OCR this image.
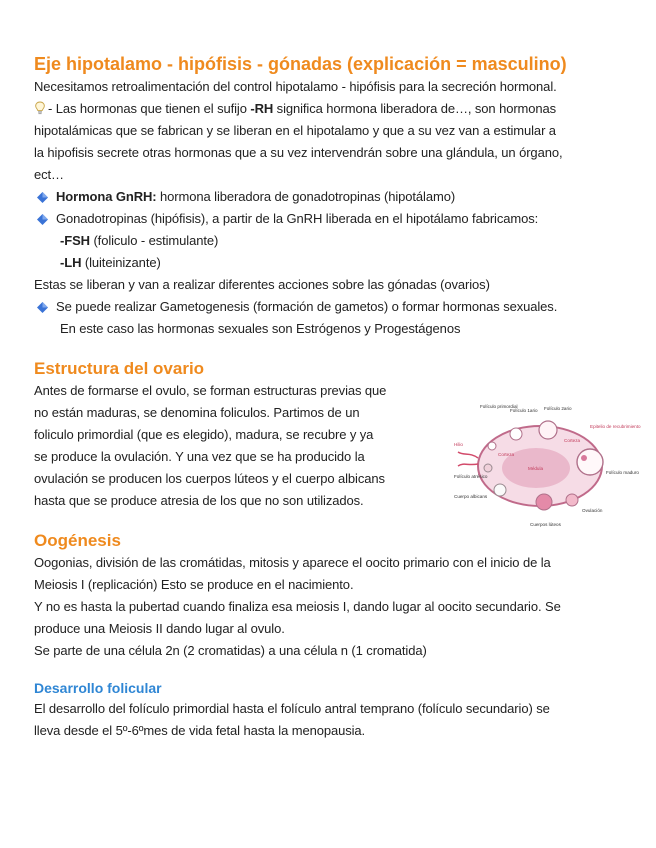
Eje hipotalamo - hipófisis - gónadas (explicación = masculino)

Necesitamos retroalimentación del control hipotalamo - hipófisis para la secreción hormonal.

- Las hormonas que tienen el sufijo -RH significa hormona liberadora de…, son hormonas

hipotalámicas que se fabrican y se liberan en el hipotalamo y que a su vez van a estimular a

la hipofisis secrete otras hormonas que a su vez intervendrán sobre una glándula, un órgano,

ect…

Hormona GnRH: hormona liberadora de gonadotropinas (hipotálamo)

Gonadotropinas (hipófisis), a partir de la GnRH liberada en el hipotálamo fabricamos:

-FSH (foliculo - estimulante)

-LH (luiteinizante)

Estas se liberan y van a realizar diferentes acciones sobre las gónadas (ovarios)

Se puede realizar Gametogenesis (formación de gametos) o formar hormonas sexuales.

En este caso las hormonas sexuales son Estrógenos y Progestágenos

Estructura del ovario

Antes de formarse el ovulo, se forman estructuras previas que

no están maduras, se denomina foliculos. Partimos de un

foliculo primordial (que es elegido), madura, se recubre y ya

se produce la ovulación. Y una vez que se ha producido la

ovulación se producen los cuerpos lúteos y el cuerpo albicans

hasta que se produce atresia de los que no son utilizados.

Folículo primordial
Folículo 1ario Folículo 2ario
Epitelio de recubrimiento
Hilio
Corteza
Corteza
Médula
Folículo atrésico
Cuerpo albicans
Folículo maduro
Ovulación
Cuerpos lúteos
Oogénesis

Oogonias, división de las cromátidas, mitosis y aparece el oocito primario con el inicio de la

Meiosis I (replicación) Esto se produce en el nacimiento.

Y no es hasta la pubertad cuando finaliza esa meiosis I, dando lugar al oocito secundario. Se

produce una Meiosis II dando lugar al ovulo.

Se parte de una célula 2n (2 cromatidas) a una célula n (1 cromatida)

Desarrollo folicular

El desarrollo del folículo primordial hasta el folículo antral temprano (folículo secundario) se

lleva desde el 5º-6ºmes de vida fetal hasta la menopausia.
